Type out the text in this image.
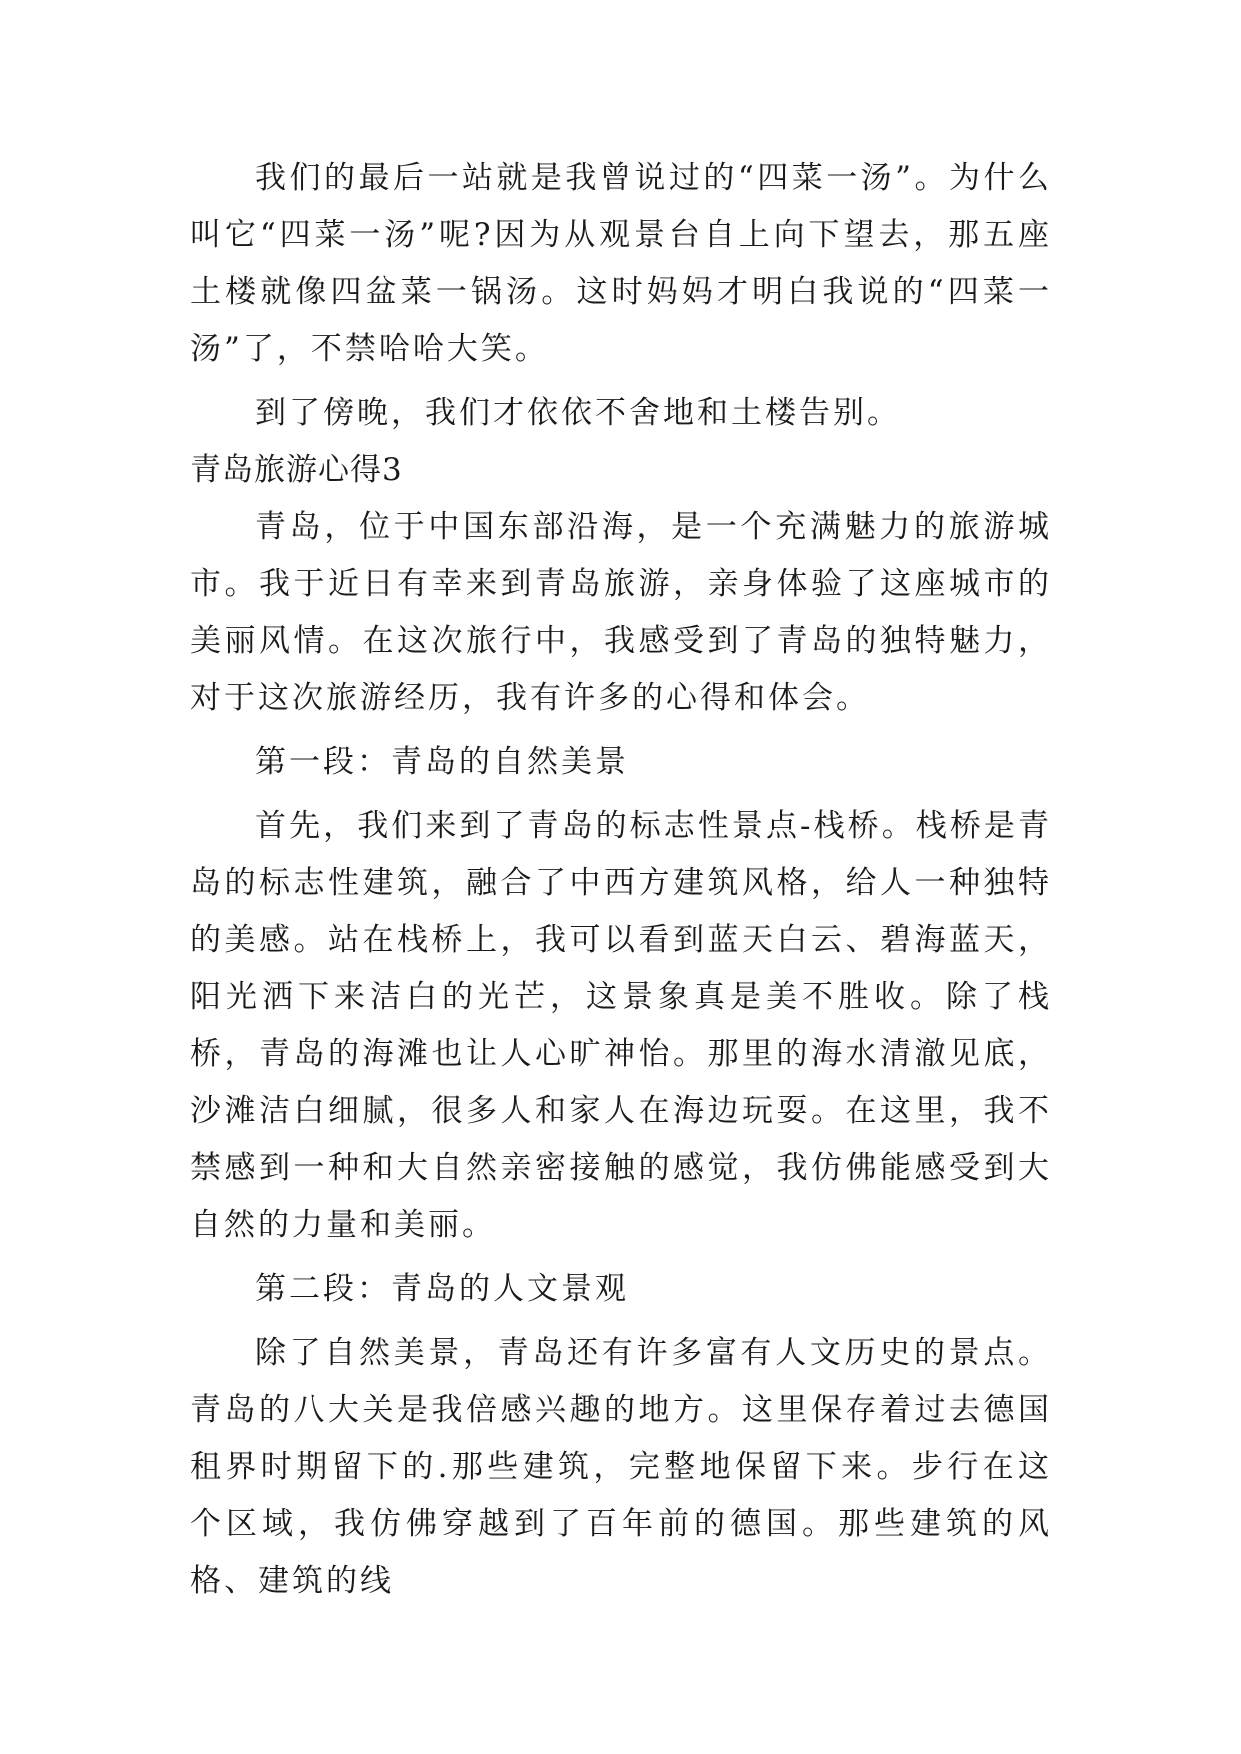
我们的最后一站就是我曾说过的“四菜一汤”。为什么叫它“四菜一汤”呢?因为从观景台自上向下望去，那五座土楼就像四盆菜一锅汤。这时妈妈才明白我说的“四菜一汤”了，不禁哈哈大笑。

到了傍晚，我们才依依不舍地和土楼告别。

青岛旅游心得3

青岛，位于中国东部沿海，是一个充满魅力的旅游城市。我于近日有幸来到青岛旅游，亲身体验了这座城市的美丽风情。在这次旅行中，我感受到了青岛的独特魅力，对于这次旅游经历，我有许多的心得和体会。

第一段：青岛的自然美景

首先，我们来到了青岛的标志性景点-栈桥。栈桥是青岛的标志性建筑，融合了中西方建筑风格，给人一种独特的美感。站在栈桥上，我可以看到蓝天白云、碧海蓝天，阳光洒下来洁白的光芒，这景象真是美不胜收。除了栈桥，青岛的海滩也让人心旷神怡。那里的海水清澈见底，沙滩洁白细腻，很多人和家人在海边玩耍。在这里，我不禁感到一种和大自然亲密接触的感觉，我仿佛能感受到大自然的力量和美丽。

第二段：青岛的人文景观

除了自然美景，青岛还有许多富有人文历史的景点。青岛的八大关是我倍感兴趣的地方。这里保存着过去德国租界时期留下的.那些建筑，完整地保留下来。步行在这个区域，我仿佛穿越到了百年前的德国。那些建筑的风格、建筑的线
